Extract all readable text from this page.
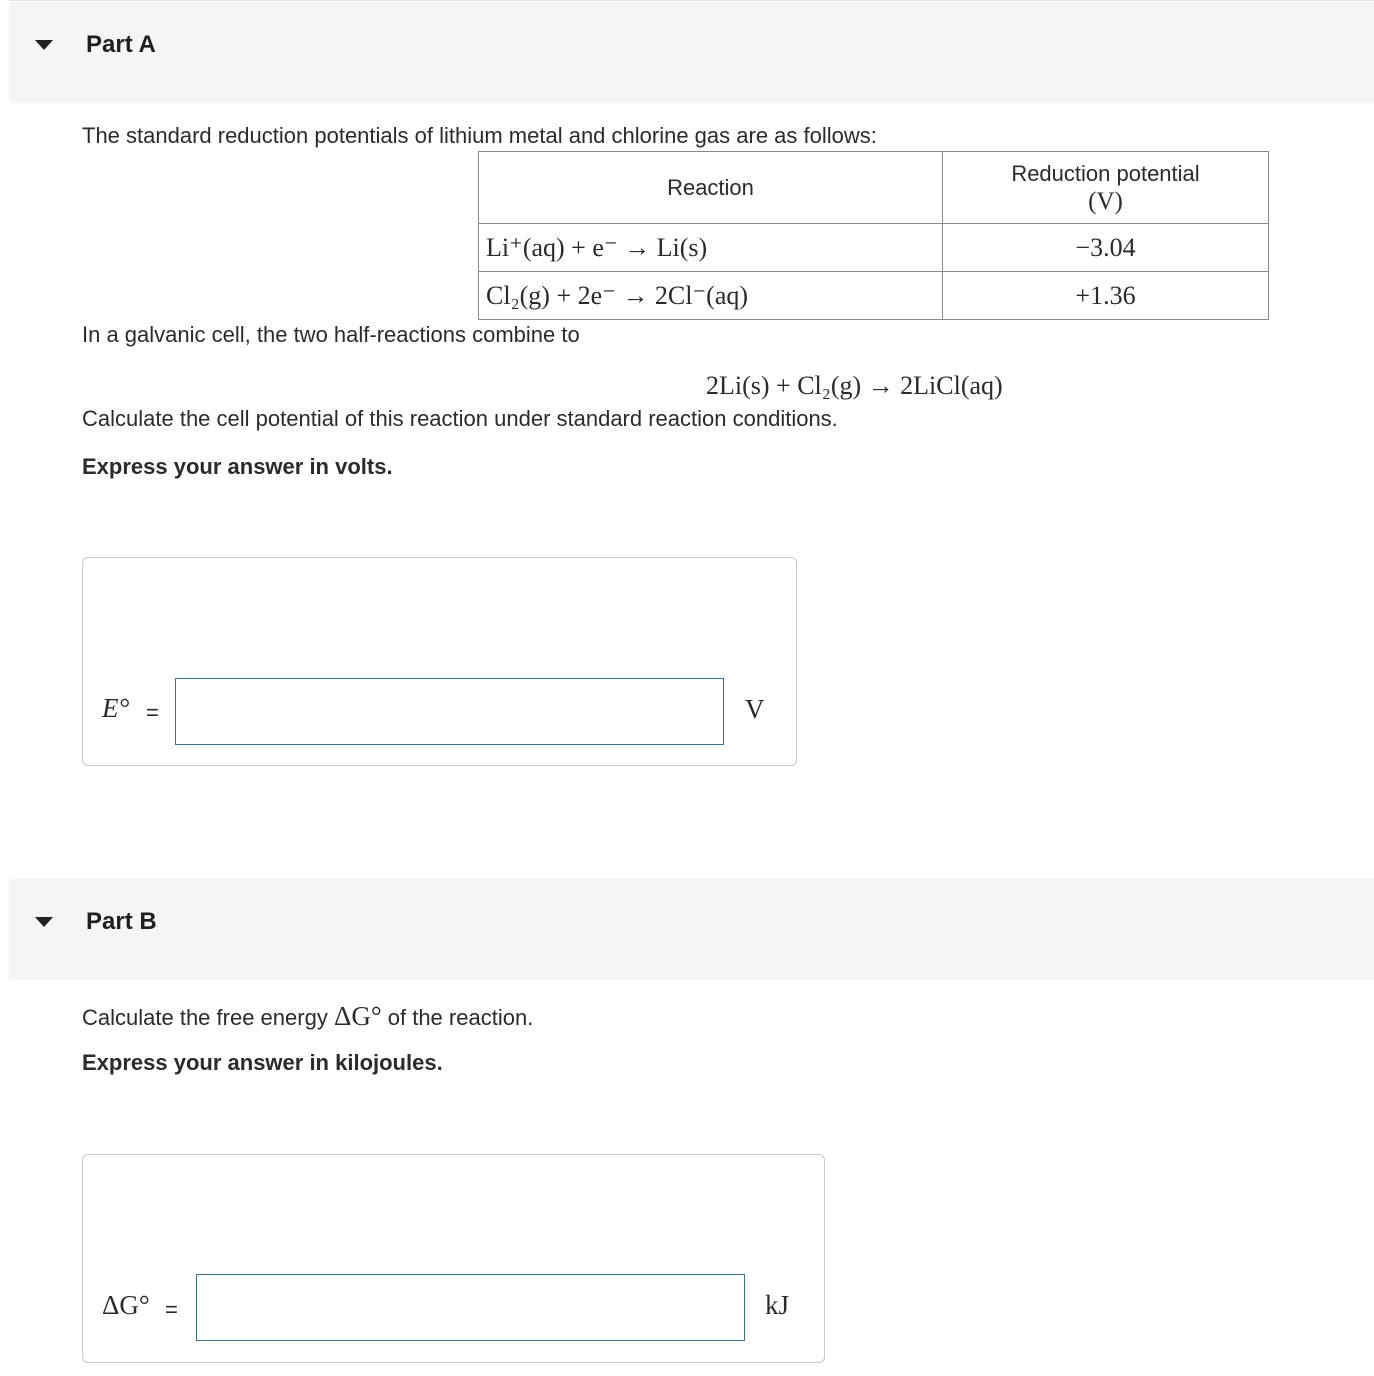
Part A
The standard reduction potentials of lithium metal and chlorine gas are as follows:
Reaction	Reduction potential
(V)

Li⁺(aq) + e⁻ → Li(s)	−3.04
Cl₂(g) + 2e⁻ → 2Cl⁻(aq)	+1.36
In a galvanic cell, the two half-reactions combine to
2Li(s) + Cl₂(g) → 2LiCl(aq)
Calculate the cell potential of this reaction under standard reaction conditions.
Express your answer in volts.
E° =	V
Part B
Calculate the free energy ΔG° of the reaction.
Express your answer in kilojoules.
ΔG° =	kJ
